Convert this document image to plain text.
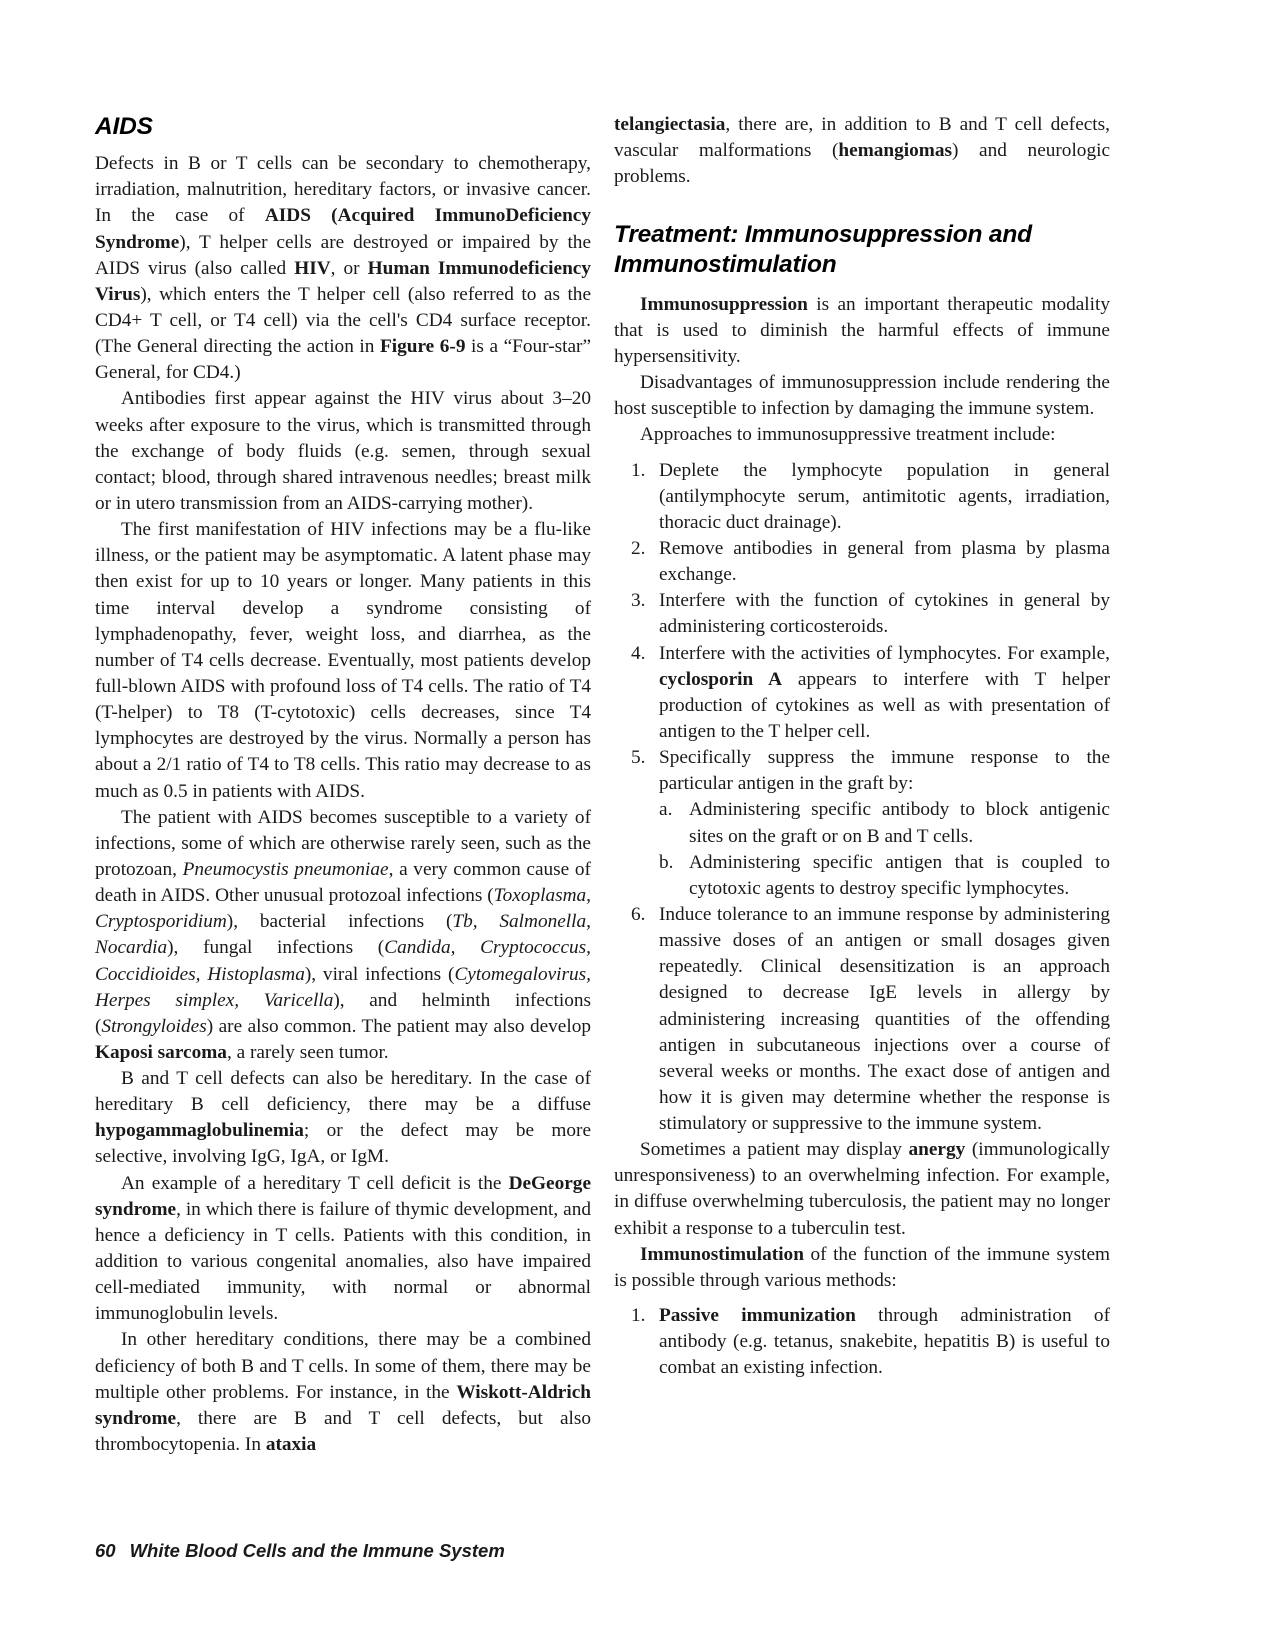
AIDS

Defects in B or T cells can be secondary to chemotherapy, irradiation, malnutrition, hereditary factors, or invasive cancer. In the case of AIDS (Acquired ImmunoDeficiency Syndrome), T helper cells are destroyed or impaired by the AIDS virus (also called HIV, or Human Immunodeficiency Virus), which enters the T helper cell (also referred to as the CD4+ T cell, or T4 cell) via the cell's CD4 surface receptor. (The General directing the action in Figure 6-9 is a “Four-star” General, for CD4.)

Antibodies first appear against the HIV virus about 3–20 weeks after exposure to the virus, which is transmitted through the exchange of body fluids (e.g. semen, through sexual contact; blood, through shared intravenous needles; breast milk or in utero transmission from an AIDS-carrying mother).

The first manifestation of HIV infections may be a flu-like illness, or the patient may be asymptomatic. A latent phase may then exist for up to 10 years or longer. Many patients in this time interval develop a syndrome consisting of lymphadenopathy, fever, weight loss, and diarrhea, as the number of T4 cells decrease. Eventually, most patients develop full-blown AIDS with profound loss of T4 cells. The ratio of T4 (T-helper) to T8 (T-cytotoxic) cells decreases, since T4 lymphocytes are destroyed by the virus. Normally a person has about a 2/1 ratio of T4 to T8 cells. This ratio may decrease to as much as 0.5 in patients with AIDS.

The patient with AIDS becomes susceptible to a variety of infections, some of which are otherwise rarely seen, such as the protozoan, Pneumocystis pneumoniae, a very common cause of death in AIDS. Other unusual protozoal infections (Toxoplasma, Cryptosporidium), bacterial infections (Tb, Salmonella, Nocardia), fungal infections (Candida, Cryptococcus, Coccidioides, Histoplasma), viral infections (Cytomegalovirus, Herpes simplex, Varicella), and helminth infections (Strongyloides) are also common. The patient may also develop Kaposi sarcoma, a rarely seen tumor.

B and T cell defects can also be hereditary. In the case of hereditary B cell deficiency, there may be a diffuse hypogammaglobulinemia; or the defect may be more selective, involving IgG, IgA, or IgM.

An example of a hereditary T cell deficit is the DeGeorge syndrome, in which there is failure of thymic development, and hence a deficiency in T cells. Patients with this condition, in addition to various congenital anomalies, also have impaired cell-mediated immunity, with normal or abnormal immunoglobulin levels.

In other hereditary conditions, there may be a combined deficiency of both B and T cells. In some of them, there may be multiple other problems. For instance, in the Wiskott-Aldrich syndrome, there are B and T cell defects, but also thrombocytopenia. In ataxia

telangiectasia, there are, in addition to B and T cell defects, vascular malformations (hemangiomas) and neurologic problems.

Treatment: Immunosuppression and Immunostimulation

Immunosuppression is an important therapeutic modality that is used to diminish the harmful effects of immune hypersensitivity.

Disadvantages of immunosuppression include rendering the host susceptible to infection by damaging the immune system.

Approaches to immunosuppressive treatment include:

Deplete the lymphocyte population in general (antilymphocyte serum, antimitotic agents, irradiation, thoracic duct drainage).
Remove antibodies in general from plasma by plasma exchange.
Interfere with the function of cytokines in general by administering corticosteroids.
Interfere with the activities of lymphocytes. For example, cyclosporin A appears to interfere with T helper production of cytokines as well as with presentation of antigen to the T helper cell.
Specifically suppress the immune response to the particular antigen in the graft by:
Administering specific antibody to block antigenic sites on the graft or on B and T cells.
Administering specific antigen that is coupled to cytotoxic agents to destroy specific lymphocytes.
Induce tolerance to an immune response by administering massive doses of an antigen or small dosages given repeatedly. Clinical desensitization is an approach designed to decrease IgE levels in allergy by administering increasing quantities of the offending antigen in subcutaneous injections over a course of several weeks or months. The exact dose of antigen and how it is given may determine whether the response is stimulatory or suppressive to the immune system.

Sometimes a patient may display anergy (immunologically unresponsiveness) to an overwhelming infection. For example, in diffuse overwhelming tuberculosis, the patient may no longer exhibit a response to a tuberculin test.

Immunostimulation of the function of the immune system is possible through various methods:

Passive immunization through administration of antibody (e.g. tetanus, snakebite, hepatitis B) is useful to combat an existing infection.
60 White Blood Cells and the Immune System
